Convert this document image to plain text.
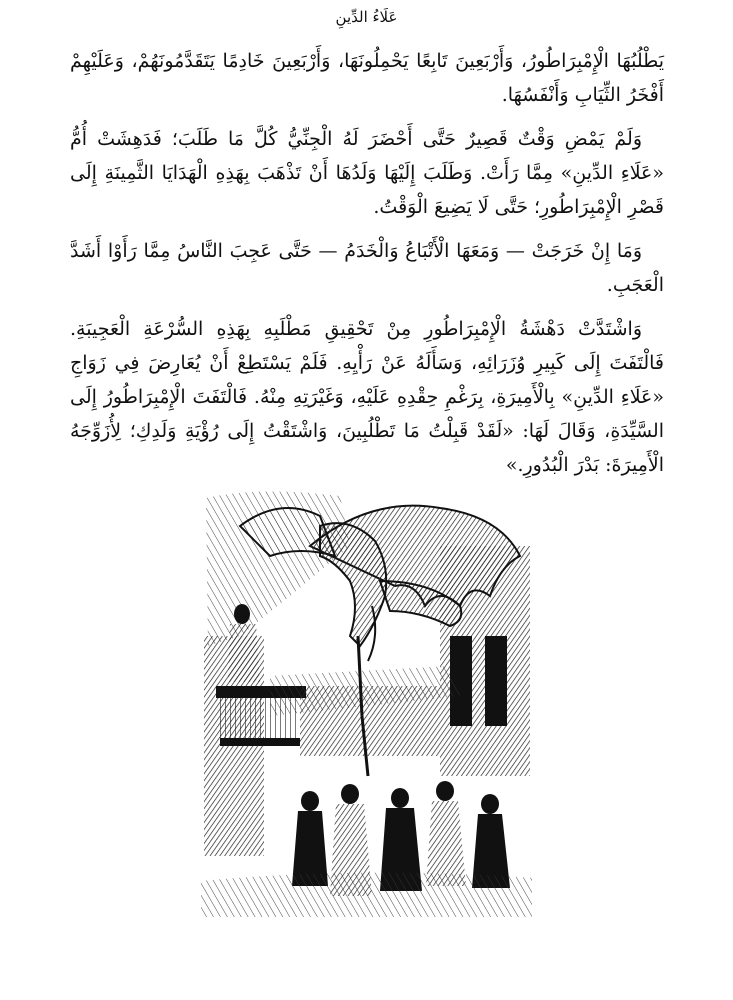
عَلَاءُ الدِّينِ

يَطْلُبُهَا الْإِمْبِرَاطُورُ، وَأَرْبَعِينَ تَابِعًا يَحْمِلُونَهَا، وَأَرْبَعِينَ خَادِمًا يَتَقَدَّمُونَهُمْ، وَعَلَيْهِمْ أَفْخَرُ الثِّيَابِ وَأَنْفَسُهَا.

وَلَمْ يَمْضِ وَقْتٌ قَصِيرٌ حَتَّى أَحْضَرَ لَهُ الْجِنِّيُّ كُلَّ مَا طَلَبَ؛ فَدَهِشَتْ أُمُّ «عَلَاءِ الدِّينِ» مِمَّا رَأَتْ. وَطَلَبَ إِلَيْهَا وَلَدُهَا أَنْ تَذْهَبَ بِهَذِهِ الْهَدَايَا الثَّمِينَةِ إِلَى قَصْرِ الْإِمْبِرَاطُورِ؛ حَتَّى لَا يَضِيعَ الْوَقْتُ.

وَمَا إِنْ خَرَجَتْ — وَمَعَهَا الْأَتْبَاعُ وَالْخَدَمُ — حَتَّى عَجِبَ النَّاسُ مِمَّا رَأَوْا أَشَدَّ الْعَجَبِ.

وَاشْتَدَّتْ دَهْشَةُ الْإِمْبِرَاطُورِ مِنْ تَحْقِيقِ مَطْلَبِهِ بِهَذِهِ السُّرْعَةِ الْعَجِيبَةِ. فَالْتَفَتَ إِلَى كَبِيرِ وُزَرَائِهِ، وَسَأَلَهُ عَنْ رَأْيِهِ. فَلَمْ يَسْتَطِعْ أَنْ يُعَارِضَ فِي زَوَاجِ «عَلَاءِ الدِّينِ» بِالْأَمِيرَةِ، بِرَغْمِ حِقْدِهِ عَلَيْهِ، وَغَيْرَتِهِ مِنْهُ. فَالْتَفَتَ الْإِمْبِرَاطُورُ إِلَى السَّيِّدَةِ، وَقَالَ لَهَا: «لَقَدْ قَبِلْتُ مَا تَطْلُبِينَ، وَاشْتَقْتُ إِلَى رُؤْيَةِ وَلَدِكِ؛ لِأُزَوِّجَهُ الْأَمِيرَةَ: بَدْرَ الْبُدُورِ.»
